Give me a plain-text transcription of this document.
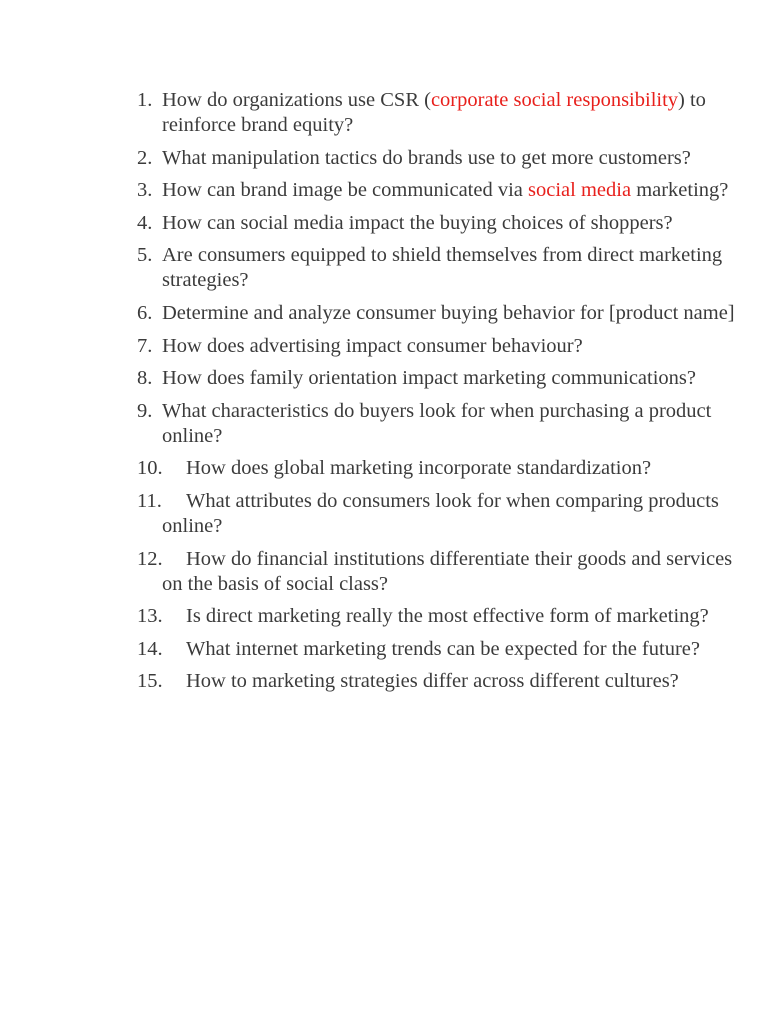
1. How do organizations use CSR (corporate social responsibility) to reinforce brand equity?
2. What manipulation tactics do brands use to get more customers?
3. How can brand image be communicated via social media marketing?
4. How can social media impact the buying choices of shoppers?
5. Are consumers equipped to shield themselves from direct marketing strategies?
6. Determine and analyze consumer buying behavior for [product name]
7. How does advertising impact consumer behaviour?
8. How does family orientation impact marketing communications?
9. What characteristics do buyers look for when purchasing a product online?
10. How does global marketing incorporate standardization?
11. What attributes do consumers look for when comparing products online?
12. How do financial institutions differentiate their goods and services on the basis of social class?
13. Is direct marketing really the most effective form of marketing?
14. What internet marketing trends can be expected for the future?
15. How to marketing strategies differ across different cultures?
